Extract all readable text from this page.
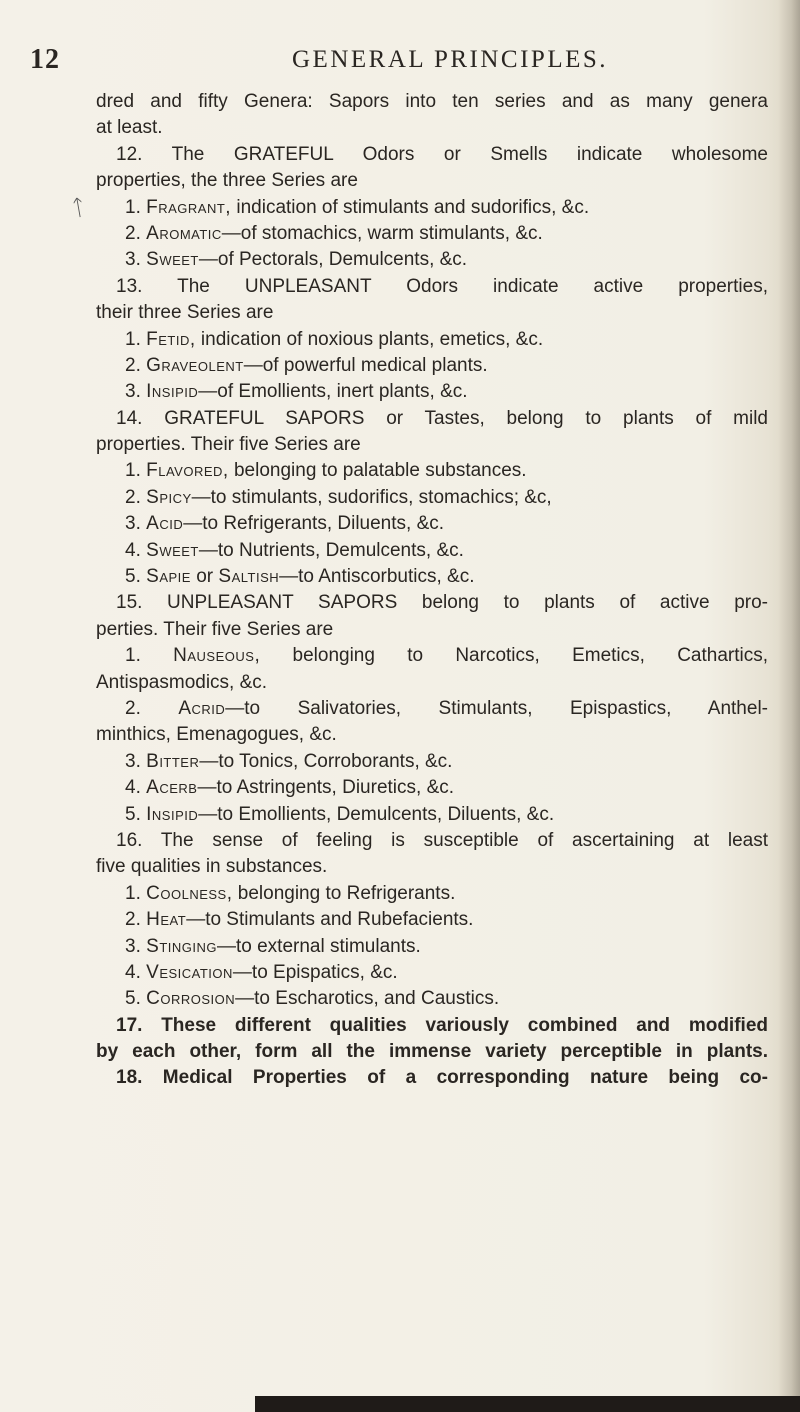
12	GENERAL PRINCIPLES.
ᛏ
dred and fifty Genera: Sapors into ten series and as many genera
at least.
12. The GRATEFUL Odors or Smells indicate wholesome
properties, the three Series are
1. Fragrant, indication of stimulants and sudorifics, &c.
2. Aromatic—of stomachics, warm stimulants, &c.
3. Sweet—of Pectorals, Demulcents, &c.
13. The UNPLEASANT Odors indicate active properties,
their three Series are
1. Fetid, indication of noxious plants, emetics, &c.
2. Graveolent—of powerful medical plants.
3. Insipid—of Emollients, inert plants, &c.
14. GRATEFUL SAPORS or Tastes, belong to plants of mild
properties. Their five Series are
1. Flavored, belonging to palatable substances.
2. Spicy—to stimulants, sudorifics, stomachics; &c,
3. Acid—to Refrigerants, Diluents, &c.
4. Sweet—to Nutrients, Demulcents, &c.
5. Sapie or Saltish—to Antiscorbutics, &c.
15. UNPLEASANT SAPORS belong to plants of active pro-
perties. Their five Series are
1. Nauseous, belonging to Narcotics, Emetics, Cathartics,
Antispasmodics, &c.
2. Acrid—to Salivatories, Stimulants, Epispastics, Anthel-
minthics, Emenagogues, &c.
3. Bitter—to Tonics, Corroborants, &c.
4. Acerb—to Astringents, Diuretics, &c.
5. Insipid—to Emollients, Demulcents, Diluents, &c.
16. The sense of feeling is susceptible of ascertaining at least
five qualities in substances.
1. Coolness, belonging to Refrigerants.
2. Heat—to Stimulants and Rubefacients.
3. Stinging—to external stimulants.
4. Vesication—to Epispatics, &c.
5. Corrosion—to Escharotics, and Caustics.
17. These different qualities variously combined and modified
by each other, form all the immense variety perceptible in plants.
18. Medical Properties of a corresponding nature being co-
